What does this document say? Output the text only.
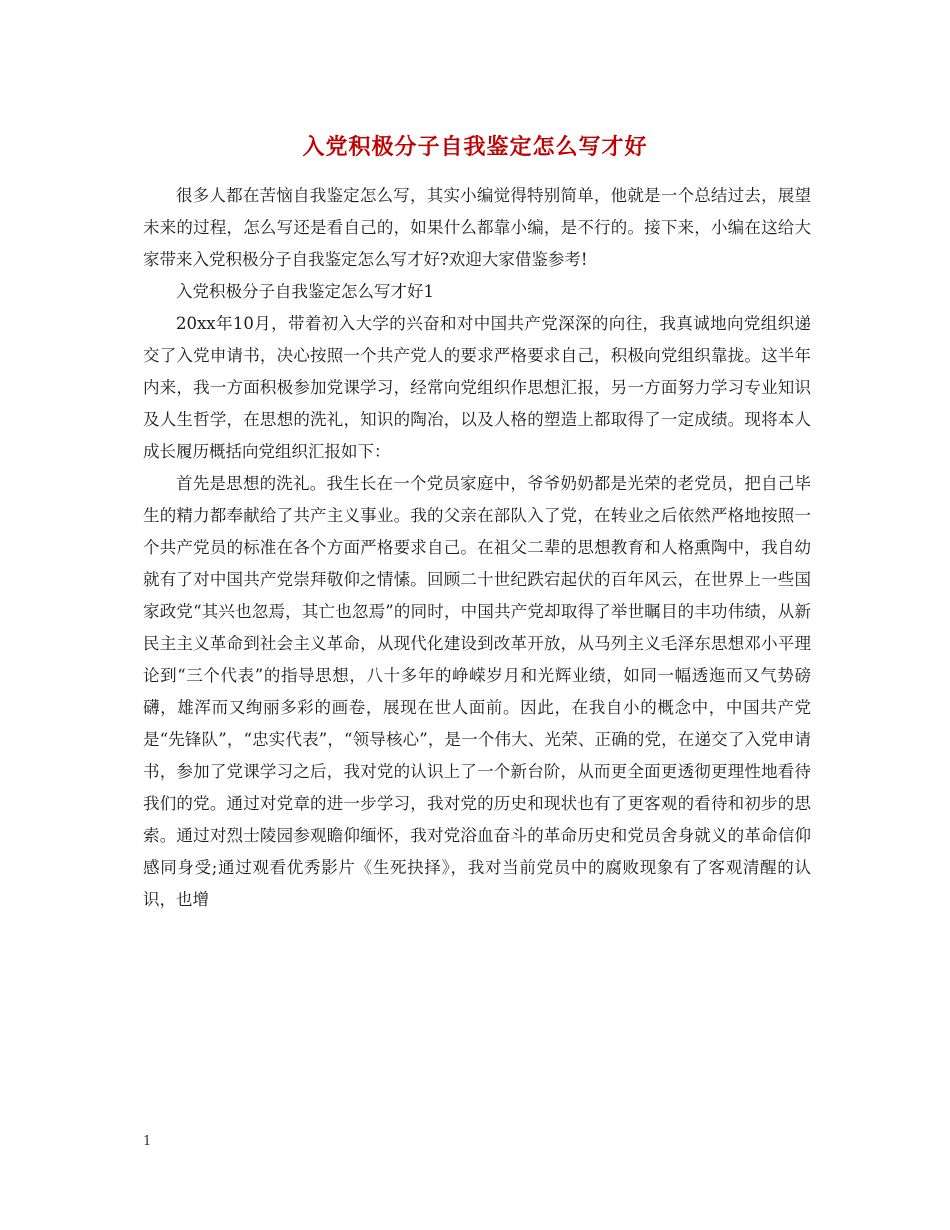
入党积极分子自我鉴定怎么写才好

很多人都在苦恼自我鉴定怎么写，其实小编觉得特别简单，他就是一个总结过去，展望未来的过程，怎么写还是看自己的，如果什么都靠小编，是不行的。接下来，小编在这给大家带来入党积极分子自我鉴定怎么写才好?欢迎大家借鉴参考!

入党积极分子自我鉴定怎么写才好1

20xx年10月，带着初入大学的兴奋和对中国共产党深深的向往，我真诚地向党组织递交了入党申请书，决心按照一个共产党人的要求严格要求自己，积极向党组织靠拢。这半年内来，我一方面积极参加党课学习，经常向党组织作思想汇报，另一方面努力学习专业知识及人生哲学，在思想的洗礼，知识的陶冶，以及人格的塑造上都取得了一定成绩。现将本人成长履历概括向党组织汇报如下：

首先是思想的洗礼。我生长在一个党员家庭中，爷爷奶奶都是光荣的老党员，把自己毕生的精力都奉献给了共产主义事业。我的父亲在部队入了党，在转业之后依然严格地按照一个共产党员的标准在各个方面严格要求自己。在祖父二辈的思想教育和人格熏陶中，我自幼就有了对中国共产党崇拜敬仰之情愫。回顾二十世纪跌宕起伏的百年风云，在世界上一些国家政党“其兴也忽焉，其亡也忽焉”的同时，中国共产党却取得了举世瞩目的丰功伟绩，从新民主主义革命到社会主义革命，从现代化建设到改革开放，从马列主义毛泽东思想邓小平理论到“三个代表”的指导思想，八十多年的峥嵘岁月和光辉业绩，如同一幅透迤而又气势磅礴，雄浑而又绚丽多彩的画卷，展现在世人面前。因此，在我自小的概念中，中国共产党是“先锋队”，“忠实代表”，“领导核心”，是一个伟大、光荣、正确的党，在递交了入党申请书，参加了党课学习之后，我对党的认识上了一个新台阶，从而更全面更透彻更理性地看待我们的党。通过对党章的进一步学习，我对党的历史和现状也有了更客观的看待和初步的思索。通过对烈士陵园参观瞻仰缅怀，我对党浴血奋斗的革命历史和党员舍身就义的革命信仰感同身受;通过观看优秀影片《生死抉择》，我对当前党员中的腐败现象有了客观清醒的认识，也增

1
